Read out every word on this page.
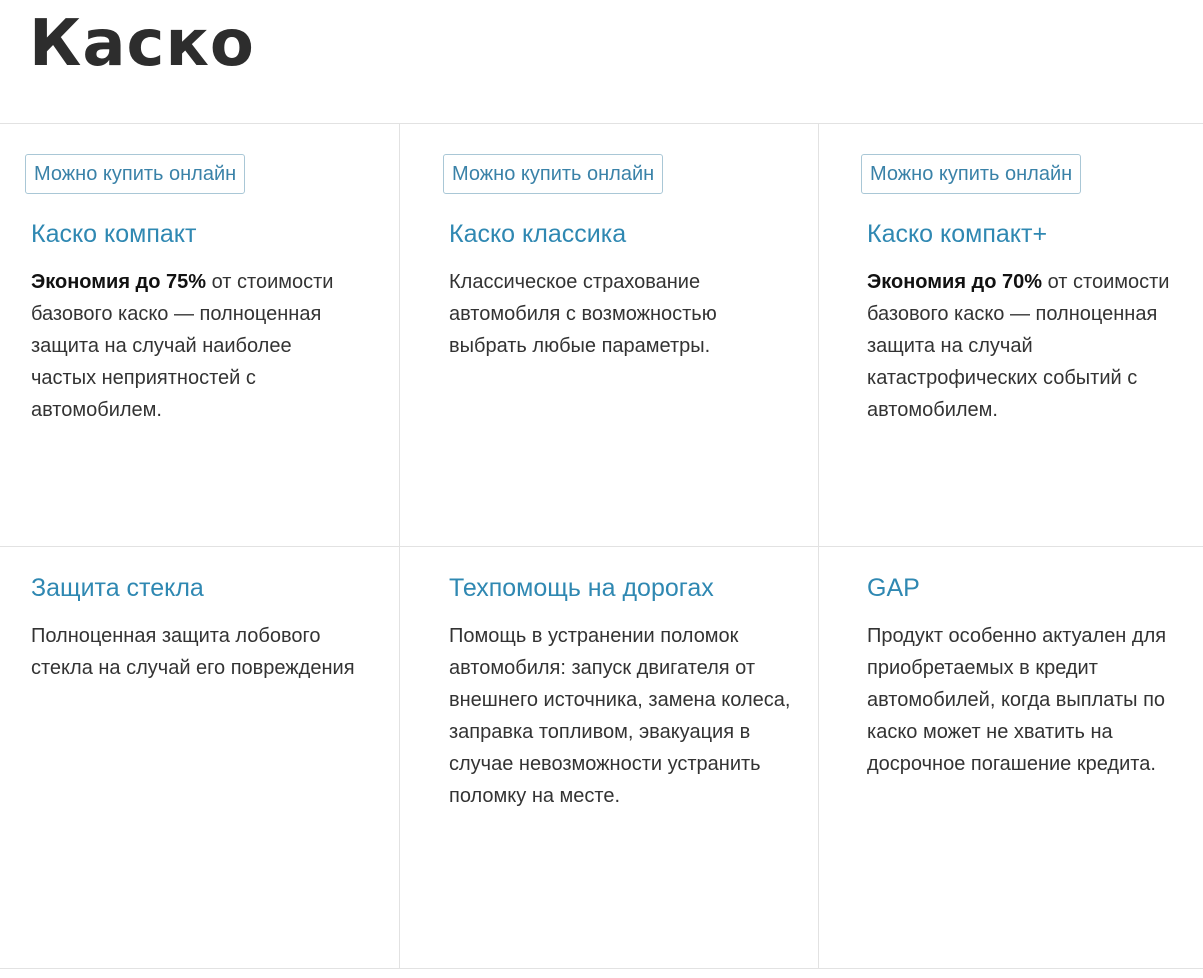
Каско
Можно купить онлайн
Каско компакт

Экономия до 75% от стоимости базового каско — полноценная защита на случай наиболее частых неприятностей с автомобилем.

Можно купить онлайн
Каско классика

Классическое страхование автомобиля с возможностью выбрать любые параметры.

Можно купить онлайн
Каско компакт+

Экономия до 70% от стоимости базового каско — полноценная защита на случай катастрофических событий с автомобилем.

Защита стекла

Полноценная защита лобового стекла на случай его повреждения

Техпомощь на дорогах

Помощь в устранении поломок автомобиля: запуск двигателя от внешнего источника, замена колеса, заправка топливом, эвакуация в случае невозможности устранить поломку на месте.

GAP

Продукт особенно актуален для приобретаемых в кредит автомобилей, когда выплаты по каско может не хватить на досрочное погашение кредита.
